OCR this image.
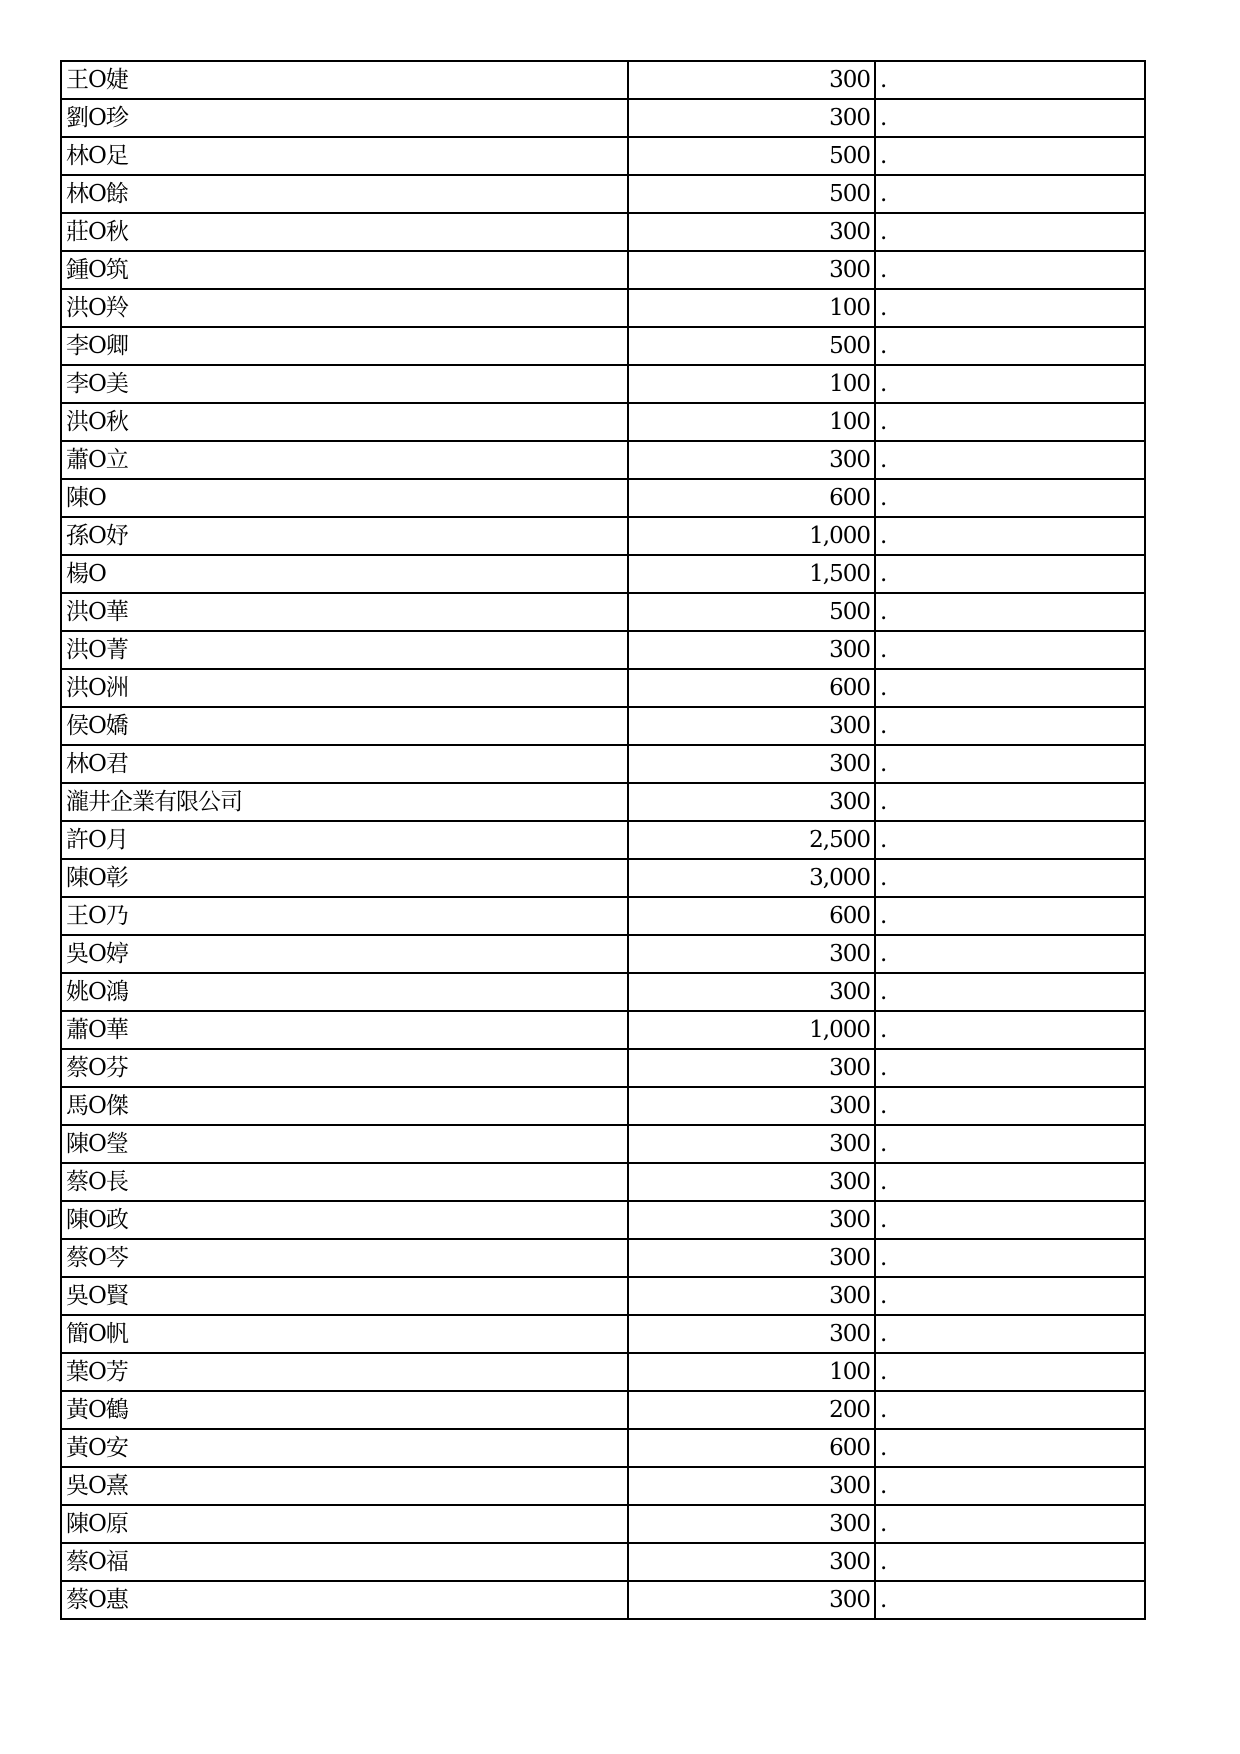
王O婕	300	.
劉O珍	300	.
林O足	500	.
林O餘	500	.
莊O秋	300	.
鍾O筑	300	.
洪O羚	100	.
李O卿	500	.
李O美	100	.
洪O秋	100	.
蕭O立	300	.
陳O	600	.
孫O妤	1,000	.
楊O	1,500	.
洪O華	500	.
洪O菁	300	.
洪O洲	600	.
侯O嬌	300	.
林O君	300	.
瀧井企業有限公司	300	.
許O月	2,500	.
陳O彰	3,000	.
王O乃	600	.
吳O婷	300	.
姚O鴻	300	.
蕭O華	1,000	.
蔡O芬	300	.
馬O傑	300	.
陳O瑩	300	.
蔡O長	300	.
陳O政	300	.
蔡O芩	300	.
吳O賢	300	.
簡O帆	300	.
葉O芳	100	.
黃O鶴	200	.
黃O安	600	.
吳O熹	300	.
陳O原	300	.
蔡O福	300	.
蔡O惠	300	.
